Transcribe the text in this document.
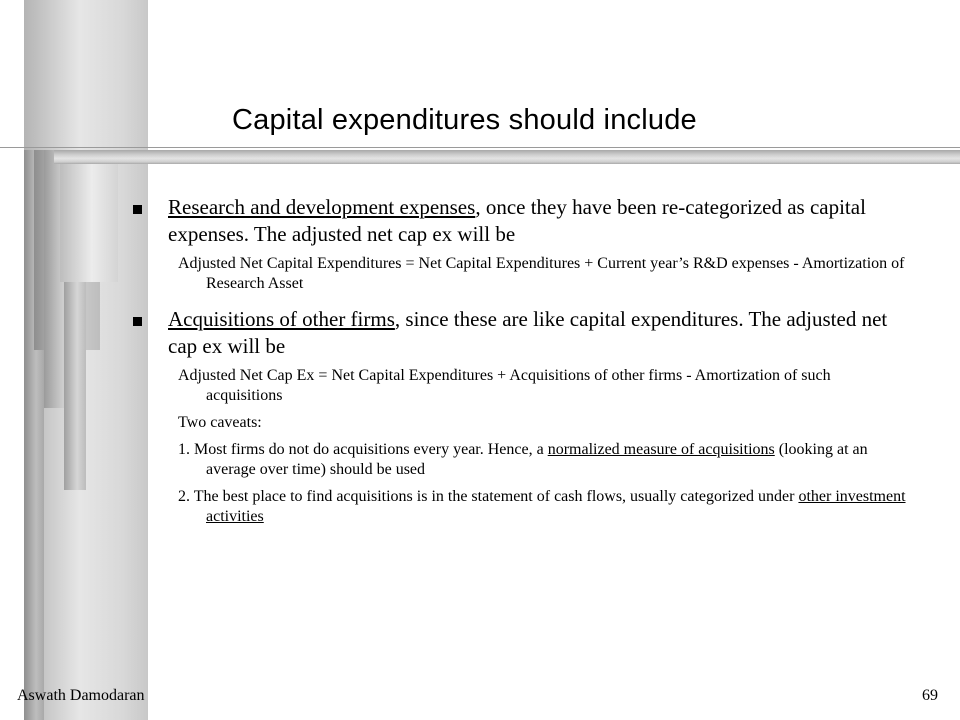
Capital expenditures should include
Research and development expenses, once they have been re-categorized as capital expenses. The adjusted net cap ex will be
Adjusted Net Capital Expenditures = Net Capital Expenditures + Current year’s R&D expenses - Amortization of Research Asset
Acquisitions of other firms, since these are like capital expenditures. The adjusted net cap ex will be
Adjusted Net Cap Ex = Net Capital Expenditures + Acquisitions of other firms - Amortization of such acquisitions
Two caveats:
1. Most firms do not do acquisitions every year. Hence, a normalized measure of acquisitions (looking at an average over time) should be used
2. The best place to find acquisitions is in the statement of cash flows, usually categorized under other investment activities
Aswath Damodaran	69
